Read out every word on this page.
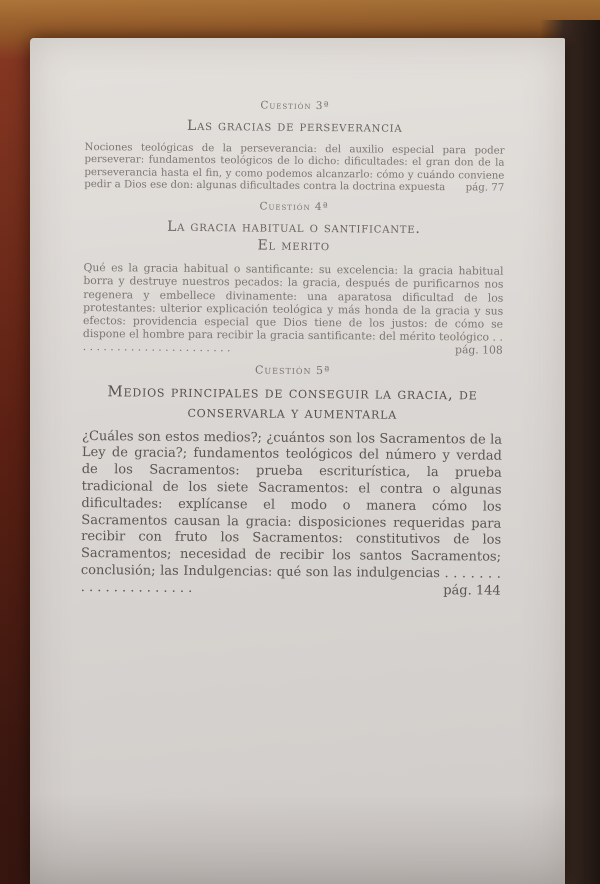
Cuestión 3ª

Las gracias de perseverancia

Nociones teológicas de la perseverancia: del auxilio especial para poder perseverar: fundamentos teológicos de lo dicho: dificultades: el gran don de la perseverancia hasta el fin, y como podemos alcanzarlo: cómo y cuándo conviene pedir a Dios ese don: algunas dificultades contra la doctrina expuesta pág. 77

Cuestión 4ª

La gracia habitual o santificante.
El merito

Qué es la gracia habitual o santificante: su excelencia: la gracia habitual borra y destruye nuestros pecados: la gracia, después de purificarnos nos regenera y embellece divinamente: una aparatosa dificultad de los protestantes: ulterior explicación teológica y más honda de la gracia y sus efectos: providencia especial que Dios tiene de los justos: de cómo se dispone el hombre para recibir la gracia santificante: del mérito teológico . . . . . . . . . . . . . . . . . . . . . . . .	pág. 108

Cuestión 5ª

Medios principales de conseguir la gracia, de conservarla y aumentarla

¿Cuáles son estos medios?; ¿cuántos son los Sacramentos de la Ley de gracia?; fundamentos teológicos del número y verdad de los Sacramentos: prueba escriturística, la prueba tradicional de los siete Sacramentos: el contra o algunas dificultades: explícanse el modo o manera cómo los Sacramentos causan la gracia: disposiciones requeridas para recibir con fruto los Sacramentos: constitutivos de los Sacramentos; necesidad de recibir los santos Sacramentos; conclusión; las Indulgencias: qué son las indulgencias . . . . . . . . . . . . . . . . . . . . .	pág. 144
